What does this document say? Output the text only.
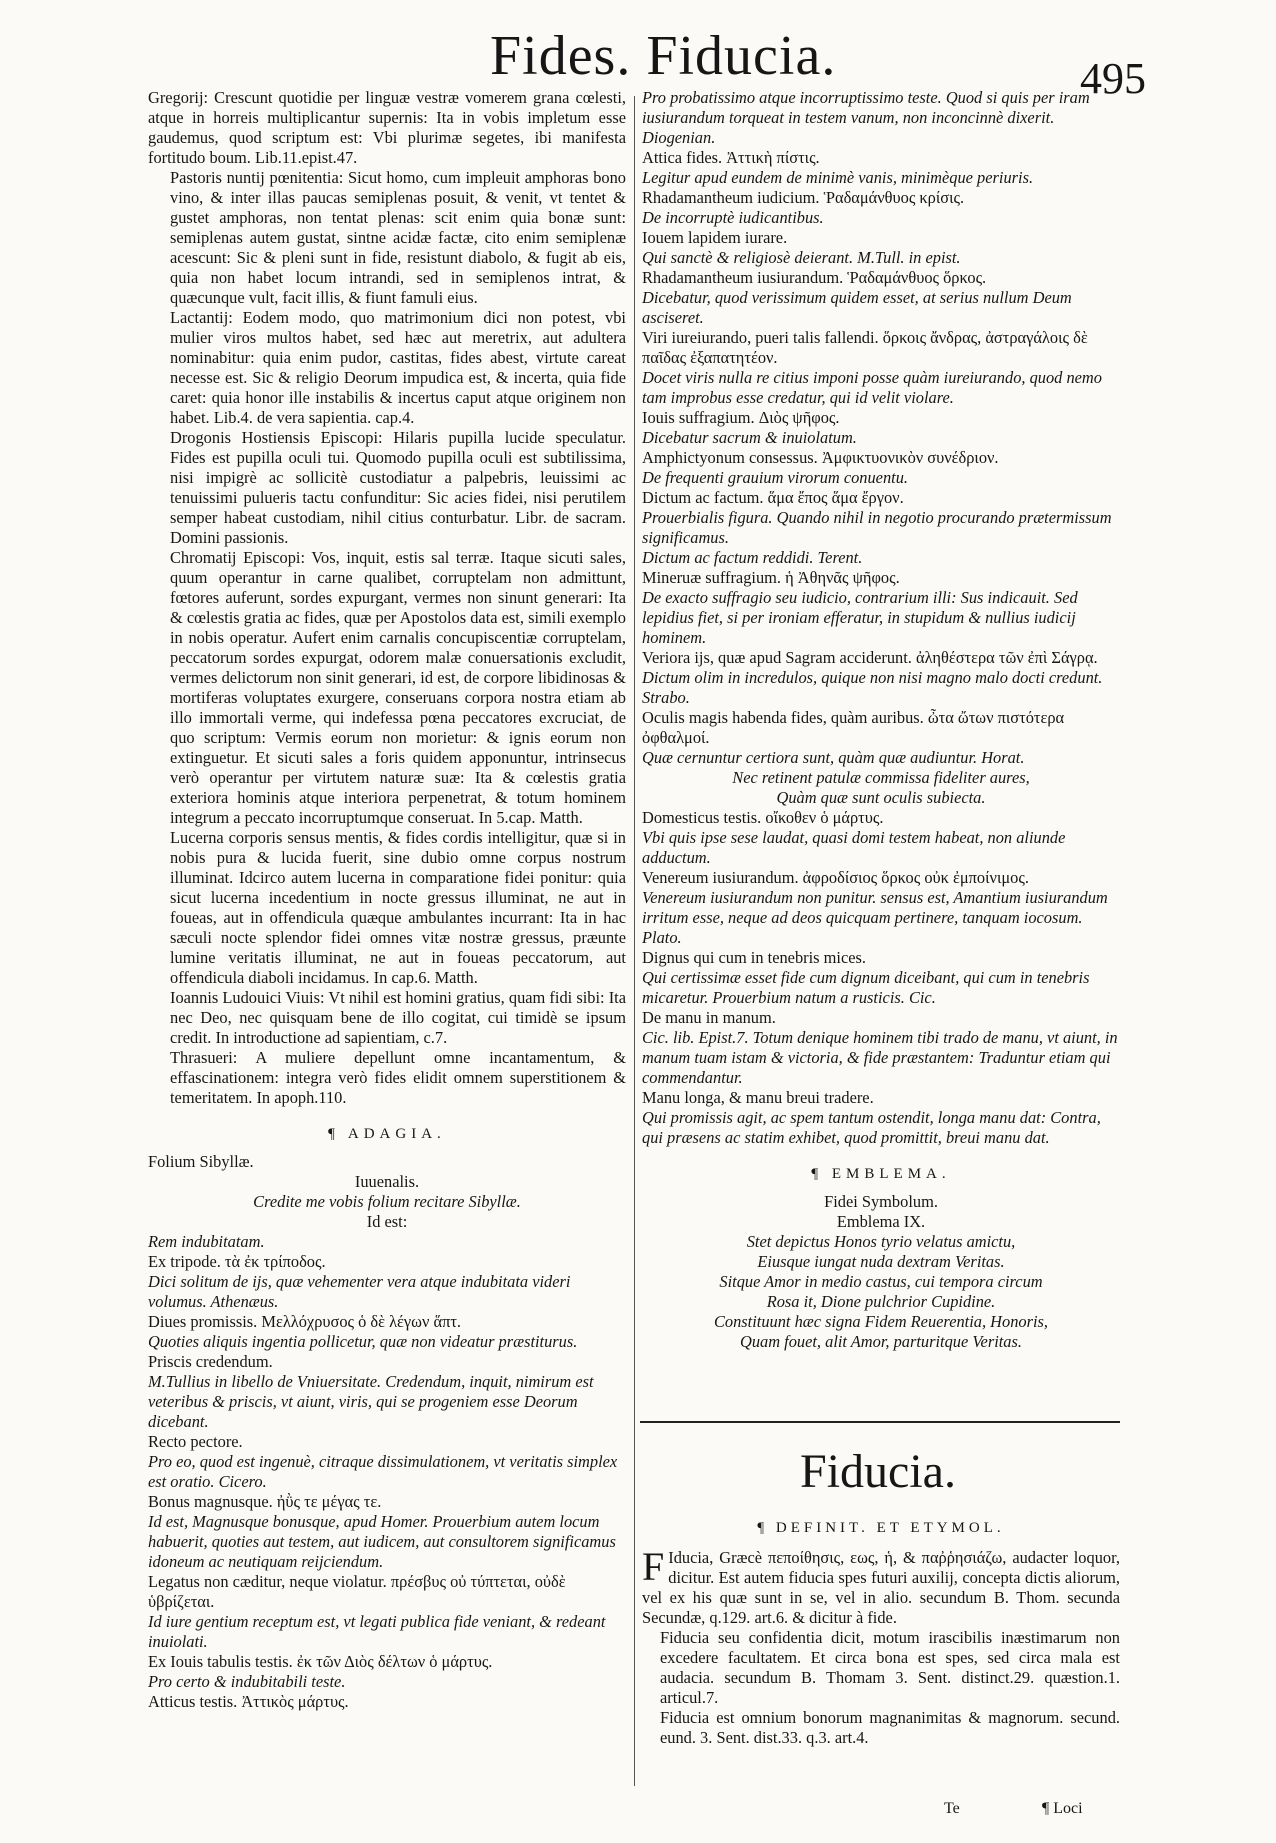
Fides. Fiducia.	495

Gregorij: Crescunt quotidie per linguæ vestræ vomerem grana cœlesti, atque in horreis multiplicantur supernis: Ita in vobis impletum esse gaudemus, quod scriptum est: Vbi plurimæ segetes, ibi manifesta fortitudo boum. Lib.11.epist.47.

Pastoris nuntij pœnitentia: Sicut homo, cum impleuit amphoras bono vino, & inter illas paucas semiplenas posuit, & venit, vt tentet & gustet amphoras, non tentat plenas: scit enim quia bonæ sunt: semiplenas autem gustat, sintne acidæ factæ, cito enim semiplenæ acescunt: Sic & pleni sunt in fide, resistunt diabolo, & fugit ab eis, quia non habet locum intrandi, sed in semiplenos intrat, & quæcunque vult, facit illis, & fiunt famuli eius.

Lactantij: Eodem modo, quo matrimonium dici non potest, vbi mulier viros multos habet, sed hæc aut meretrix, aut adultera nominabitur: quia enim pudor, castitas, fides abest, virtute careat necesse est. Sic & religio Deorum impudica est, & incerta, quia fide caret: quia honor ille instabilis & incertus caput atque originem non habet. Lib.4. de vera sapientia. cap.4.

Drogonis Hostiensis Episcopi: Hilaris pupilla lucide speculatur. Fides est pupilla oculi tui. Quomodo pupilla oculi est subtilissima, nisi impigrè ac sollicitè custodiatur a palpebris, leuissimi ac tenuissimi pulueris tactu confunditur: Sic acies fidei, nisi perutilem semper habeat custodiam, nihil citius conturbatur. Libr. de sacram. Domini passionis.

Chromatij Episcopi: Vos, inquit, estis sal terræ. Itaque sicuti sales, quum operantur in carne qualibet, corruptelam non admittunt, fœtores auferunt, sordes expurgant, vermes non sinunt generari: Ita & cœlestis gratia ac fides, quæ per Apostolos data est, simili exemplo in nobis operatur. Aufert enim carnalis concupiscentiæ corruptelam, peccatorum sordes expurgat, odorem malæ conuersationis excludit, vermes delictorum non sinit generari, id est, de corpore libidinosas & mortiferas voluptates exurgere, conseruans corpora nostra etiam ab illo immortali verme, qui indefessa pœna peccatores excruciat, de quo scriptum: Vermis eorum non morietur: & ignis eorum non extinguetur. Et sicuti sales a foris quidem apponuntur, intrinsecus verò operantur per virtutem naturæ suæ: Ita & cœlestis gratia exteriora hominis atque interiora perpenetrat, & totum hominem integrum a peccato incorruptumque conseruat. In 5.cap. Matth.

Lucerna corporis sensus mentis, & fides cordis intelligitur, quæ si in nobis pura & lucida fuerit, sine dubio omne corpus nostrum illuminat. Idcirco autem lucerna in comparatione fidei ponitur: quia sicut lucerna incedentium in nocte gressus illuminat, ne aut in foueas, aut in offendicula quæque ambulantes incurrant: Ita in hac sæculi nocte splendor fidei omnes vitæ nostræ gressus, præunte lumine veritatis illuminat, ne aut in foueas peccatorum, aut offendicula diaboli incidamus. In cap.6. Matth.

Ioannis Ludouici Viuis: Vt nihil est homini gratius, quam fidi sibi: Ita nec Deo, nec quisquam bene de illo cogitat, cui timidè se ipsum credit. In introductione ad sapientiam, c.7.

Thrasueri: A muliere depellunt omne incantamentum, & effascinationem: integra verò fides elidit omnem superstitionem & temeritatem. In apoph.110.

¶ ADAGIA.

Folium Sibyllæ.

Iuuenalis.

Credite me vobis folium recitare Sibyllæ.

Id est:

Rem indubitatam.

Ex tripode. τὰ ἐκ τρίποδος.

Dici solitum de ijs, quæ vehementer vera atque indubitata videri volumus. Athenæus.

Diues promissis. Μελλόχρυσος ὁ δὲ λέγων ἅπτ.

Quoties aliquis ingentia pollicetur, quæ non videatur præstiturus.

Priscis credendum.

M.Tullius in libello de Vniuersitate. Credendum, inquit, nimirum est veteribus & priscis, vt aiunt, viris, qui se progeniem esse Deorum dicebant.

Recto pectore.

Pro eo, quod est ingenuè, citraque dissimulationem, vt veritatis simplex est oratio. Cicero.

Bonus magnusque. ἠῢς τε μέγας τε.

Id est, Magnusque bonusque, apud Homer. Prouerbium autem locum habuerit, quoties aut testem, aut iudicem, aut consultorem significamus idoneum ac neutiquam reijciendum.

Legatus non cæditur, neque violatur. πρέσβυς οὐ τύπτεται, οὐδὲ ὑβρίζεται.

Id iure gentium receptum est, vt legati publica fide veniant, & redeant inuiolati.

Ex Iouis tabulis testis. ἐκ τῶν Διὸς δέλτων ὁ μάρτυς.

Pro certo & indubitabili teste.

Atticus testis. Ἀττικὸς μάρτυς.

Pro probatissimo atque incorruptissimo teste. Quod si quis per iram iusiurandum torqueat in testem vanum, non inconcinnè dixerit. Diogenian.

Attica fides. Ἀττικὴ πίστις.

Legitur apud eundem de minimè vanis, minimèque periuris.

Rhadamantheum iudicium. Ῥαδαμάνθυος κρίσις.

De incorruptè iudicantibus.

Iouem lapidem iurare.

Qui sanctè & religiosè deierant. M.Tull. in epist.

Rhadamantheum iusiurandum. Ῥαδαμάνθυος ὅρκος.

Dicebatur, quod verissimum quidem esset, at serius nullum Deum asciseret.

Viri iureiurando, pueri talis fallendi. ὅρκοις ἄνδρας, ἀστραγάλοις δὲ παῖδας ἐξαπατητέον.

Docet viris nulla re citius imponi posse quàm iureiurando, quod nemo tam improbus esse credatur, qui id velit violare.

Iouis suffragium. Διὸς ψῆφος.

Dicebatur sacrum & inuiolatum.

Amphictyonum consessus. Ἀμφικτυονικὸν συνέδριον.

De frequenti grauium virorum conuentu.

Dictum ac factum. ἅμα ἔπος ἅμα ἔργον.

Prouerbialis figura. Quando nihil in negotio procurando prætermissum significamus.

Dictum ac factum reddidi. Terent.

Mineruæ suffragium. ἡ Ἀθηνᾶς ψῆφος.

De exacto suffragio seu iudicio, contrarium illi: Sus indicauit. Sed lepidius fiet, si per ironiam efferatur, in stupidum & nullius iudicij hominem.

Veriora ijs, quæ apud Sagram acciderunt. ἀληθέστερα τῶν ἐπὶ Σάγρᾳ.

Dictum olim in incredulos, quique non nisi magno malo docti credunt. Strabo.

Oculis magis habenda fides, quàm auribus. ὦτα ὤτων πιστότερα ὀφθαλμοί.

Quæ cernuntur certiora sunt, quàm quæ audiuntur. Horat.

Nec retinent patulæ commissa fideliter aures,

Quàm quæ sunt oculis subiecta.

Domesticus testis. οἴκοθεν ὁ μάρτυς.

Vbi quis ipse sese laudat, quasi domi testem habeat, non aliunde adductum.

Venereum iusiurandum. ἀφροδίσιος ὅρκος οὐκ ἐμποίνιμος.

Venereum iusiurandum non punitur. sensus est, Amantium iusiurandum irritum esse, neque ad deos quicquam pertinere, tanquam iocosum. Plato.

Dignus qui cum in tenebris mices.

Qui certissimæ esset fide cum dignum diceibant, qui cum in tenebris micaretur. Prouerbium natum a rusticis. Cic.

De manu in manum.

Cic. lib. Epist.7. Totum denique hominem tibi trado de manu, vt aiunt, in manum tuam istam & victoria, & fide præstantem: Traduntur etiam qui commendantur.

Manu longa, & manu breui tradere.

Qui promissis agit, ac spem tantum ostendit, longa manu dat: Contra, qui præsens ac statim exhibet, quod promittit, breui manu dat.

¶ EMBLEMA.

Fidei Symbolum.

Emblema IX.

Stet depictus Honos tyrio velatus amictu,

Eiusque iungat nuda dextram Veritas.

Sitque Amor in medio castus, cui tempora circum

Rosa it, Dione pulchrior Cupidine.

Constituunt hæc signa Fidem Reuerentia, Honoris,

Quam fouet, alit Amor, parturitque Veritas.

Fiducia.

¶ DEFINIT. ET ETYMOL.

F Iducia, Græcè πεποίθησις, εως, ἡ, & παῤῥησιάζω, audacter loquor, dicitur. Est autem fiducia spes futuri auxilij, concepta dictis aliorum, vel ex his quæ sunt in se, vel in alio. secundum B. Thom. secunda Secundæ, q.129. art.6. & dicitur à fide.

Fiducia seu confidentia dicit, motum irascibilis inæstimarum non excedere facultatem. Et circa bona est spes, sed circa mala est audacia. secundum B. Thomam 3. Sent. distinct.29. quæstion.1. articul.7.

Fiducia est omnium bonorum magnanimitas & magnorum. secund. eund. 3. Sent. dist.33. q.3. art.4.

Te	¶ Loci
